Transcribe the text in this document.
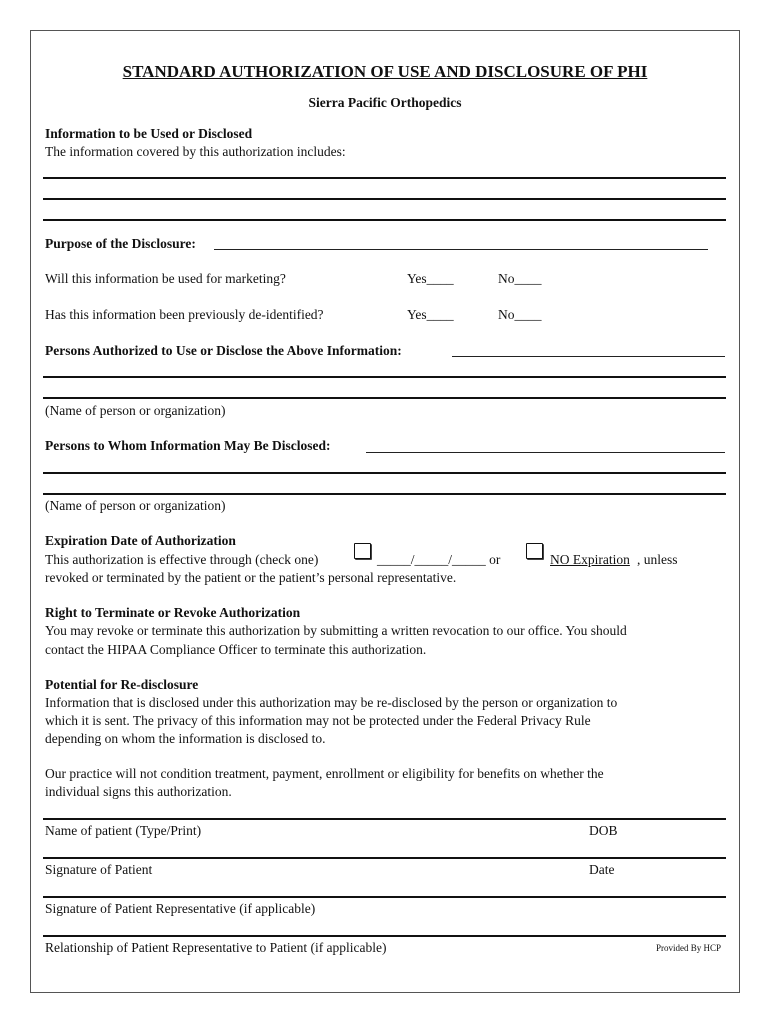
STANDARD AUTHORIZATION OF USE AND DISCLOSURE OF PHI
Sierra Pacific Orthopedics
Information to be Used or Disclosed
The information covered by this authorization includes:
Purpose of the Disclosure:
Will this information be used for marketing?	Yes____	No____
Has this information been previously de-identified?	Yes____	No____
Persons Authorized to Use or Disclose the Above Information:
(Name of person or organization)
Persons to Whom Information May Be Disclosed:
(Name of person or organization)
Expiration Date of Authorization
This authorization is effective through (check one)	_____/_____/_____ or	NO Expiration , unless
revoked or terminated by the patient or the patient’s personal representative.
Right to Terminate or Revoke Authorization
You may revoke or terminate this authorization by submitting a written revocation to our office. You should
contact the HIPAA Compliance Officer to terminate this authorization.
Potential for Re-disclosure
Information that is disclosed under this authorization may be re-disclosed by the person or organization to
which it is sent. The privacy of this information may not be protected under the Federal Privacy Rule
depending on whom the information is disclosed to.
Our practice will not condition treatment, payment, enrollment or eligibility for benefits on whether the
individual signs this authorization.
Name of patient (Type/Print)	DOB
Signature of Patient	Date
Signature of Patient Representative (if applicable)
Relationship of Patient Representative to Patient (if applicable)	Provided By HCP
